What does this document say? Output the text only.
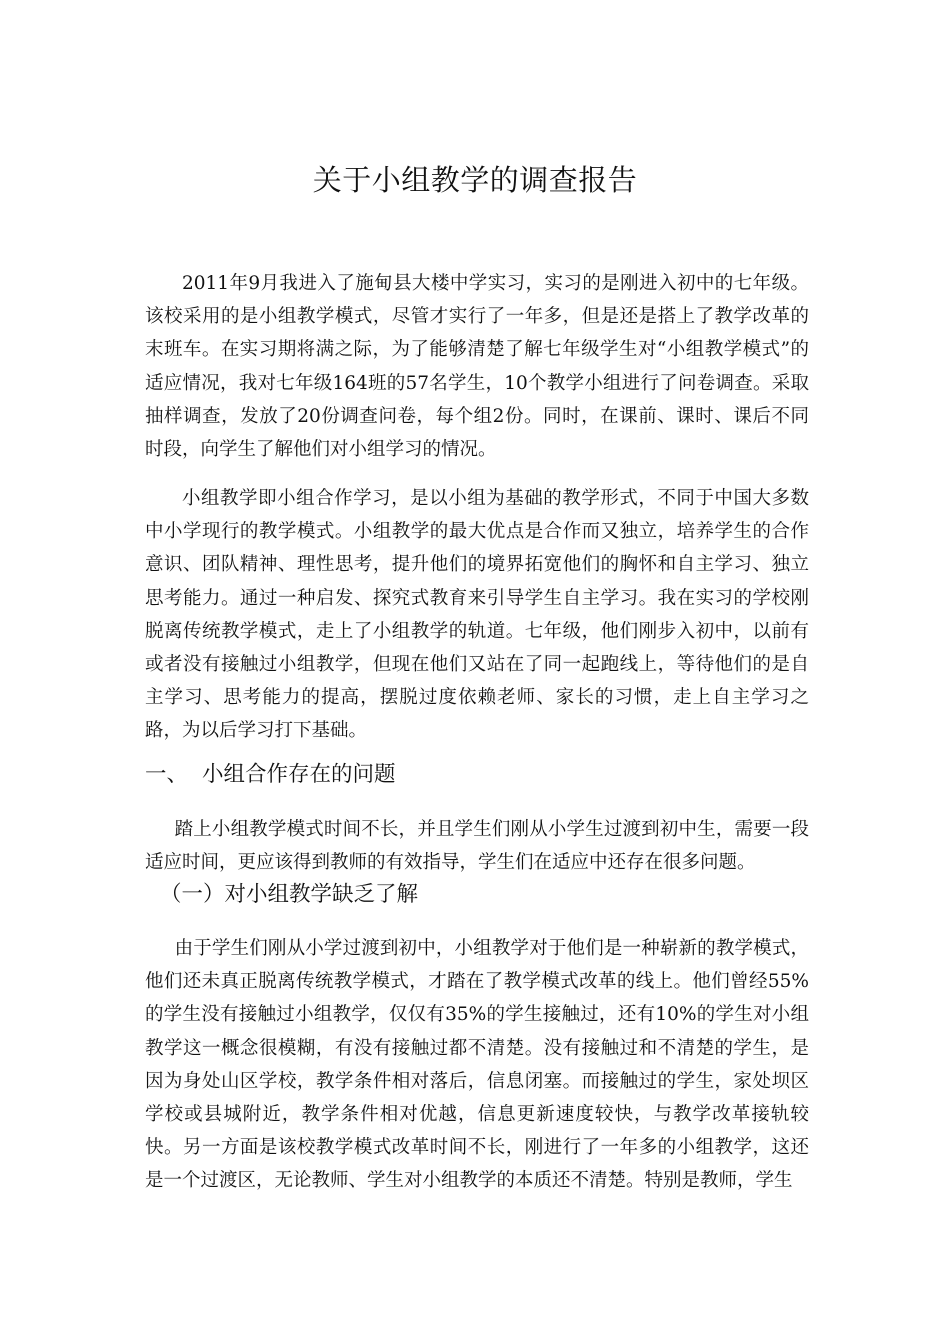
关于小组教学的调查报告

2011年9月我进入了施甸县大楼中学实习，实习的是刚进入初中的七年级。该校采用的是小组教学模式，尽管才实行了一年多，但是还是搭上了教学改革的末班车。在实习期将满之际，为了能够清楚了解七年级学生对“小组教学模式”的适应情况，我对七年级164班的57名学生，10个教学小组进行了问卷调查。采取抽样调查，发放了20份调查问卷，每个组2份。同时，在课前、课时、课后不同时段，向学生了解他们对小组学习的情况。

小组教学即小组合作学习，是以小组为基础的教学形式，不同于中国大多数中小学现行的教学模式。小组教学的最大优点是合作而又独立，培养学生的合作意识、团队精神、理性思考，提升他们的境界拓宽他们的胸怀和自主学习、独立思考能力。通过一种启发、探究式教育来引导学生自主学习。我在实习的学校刚脱离传统教学模式，走上了小组教学的轨道。七年级，他们刚步入初中，以前有或者没有接触过小组教学，但现在他们又站在了同一起跑线上，等待他们的是自主学习、思考能力的提高，摆脱过度依赖老师、家长的习惯，走上自主学习之路，为以后学习打下基础。

一、 小组合作存在的问题

踏上小组教学模式时间不长，并且学生们刚从小学生过渡到初中生，需要一段适应时间，更应该得到教师的有效指导，学生们在适应中还存在很多问题。

（一）对小组教学缺乏了解

由于学生们刚从小学过渡到初中，小组教学对于他们是一种崭新的教学模式，他们还未真正脱离传统教学模式，才踏在了教学模式改革的线上。他们曾经55%的学生没有接触过小组教学，仅仅有35%的学生接触过，还有10%的学生对小组教学这一概念很模糊，有没有接触过都不清楚。没有接触过和不清楚的学生，是因为身处山区学校，教学条件相对落后，信息闭塞。而接触过的学生，家处坝区学校或县城附近，教学条件相对优越，信息更新速度较快，与教学改革接轨较快。另一方面是该校教学模式改革时间不长，刚进行了一年多的小组教学，这还是一个过渡区，无论教师、学生对小组教学的本质还不清楚。特别是教师，学生
